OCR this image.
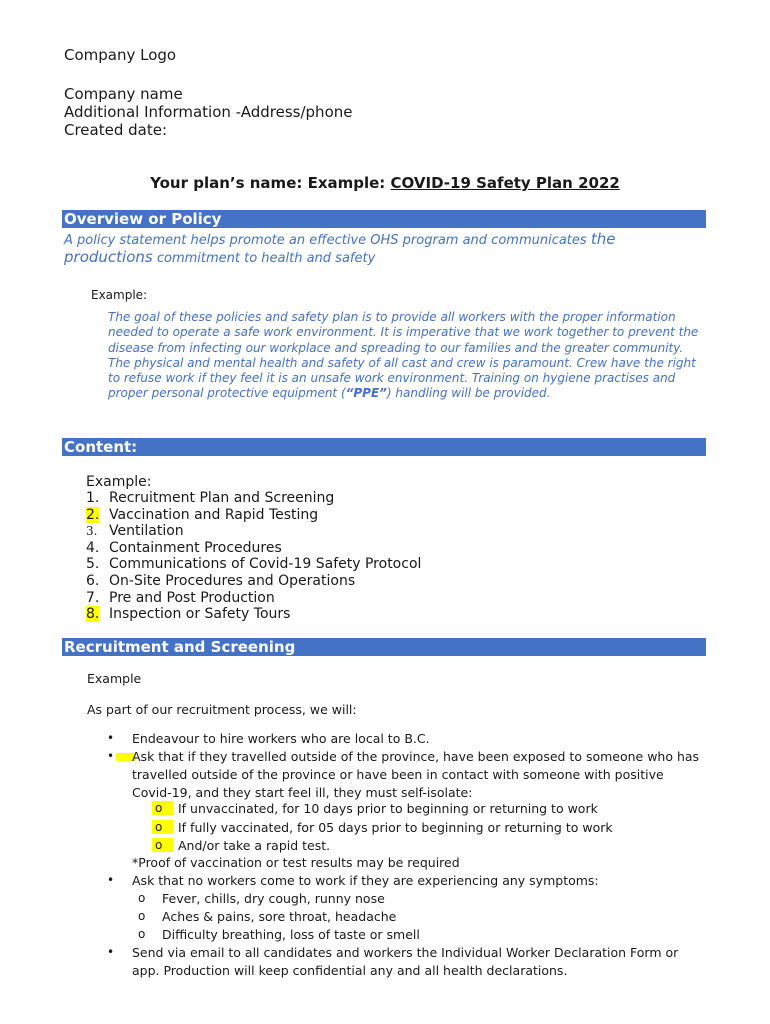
Company Logo
Company name
Additional Information -Address/phone
Created date:
Your plan’s name: Example: COVID-19 Safety Plan 2022
Overview or Policy
A policy statement helps promote an effective OHS program and communicates the
productions commitment to health and safety
Example:
The goal of these policies and safety plan is to provide all workers with the proper information needed to operate a safe work environment. It is imperative that we work together to prevent the disease from infecting our workplace and spreading to our families and the greater community. The physical and mental health and safety of all cast and crew is paramount. Crew have the right to refuse work if they feel it is an unsafe work environment. Training on hygiene practises and proper personal protective equipment (“PPE”) handling will be provided.
Content:
Example:
1. Recruitment Plan and Screening
2. Vaccination and Rapid Testing
3. Ventilation
4. Containment Procedures
5. Communications of Covid-19 Safety Protocol
6. On-Site Procedures and Operations
7. Pre and Post Production
8. Inspection or Safety Tours
Recruitment and Screening
Example
As part of our recruitment process, we will:
• Endeavour to hire workers who are local to B.C.
•	Ask that if they travelled outside of the province, have been exposed to someone who has
travelled outside of the province or have been in contact with someone with positive
Covid-19, and they start feel ill, they must self-isolate:
o	If unvaccinated, for 10 days prior to beginning or returning to work
o	If fully vaccinated, for 05 days prior to beginning or returning to work
o	And/or take a rapid test.
*Proof of vaccination or test results may be required
• Ask that no workers come to work if they are experiencing any symptoms:
o Fever, chills, dry cough, runny nose
o Aches & pains, sore throat, headache
o Difficulty breathing, loss of taste or smell
• Send via email to all candidates and workers the Individual Worker Declaration Form or
app. Production will keep confidential any and all health declarations.
